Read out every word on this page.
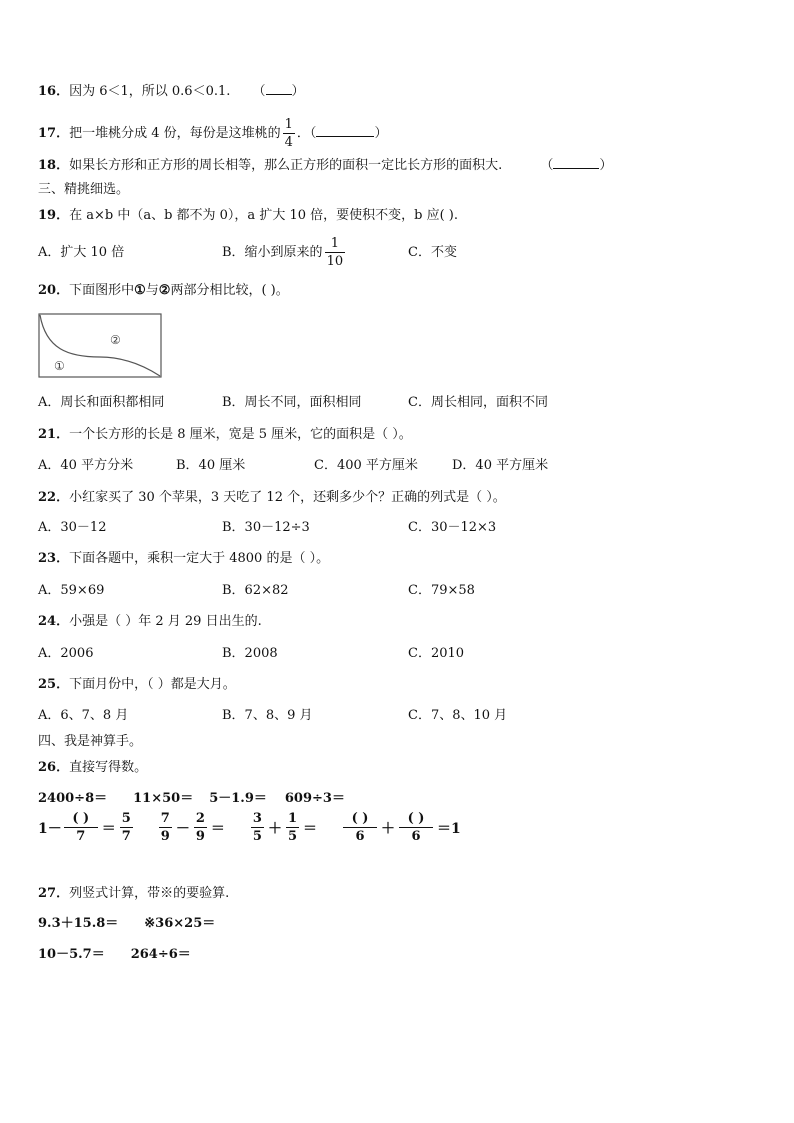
16．因为 6＜1，所以 0.6＜0.1. （ ）
17．把一堆桃分成 4 份，每份是这堆桃的 $\frac{1}{4}$ ．（	）
18．如果长方形和正方形的周长相等，那么正方形的面积一定比长方形的面积大.	（	）
三、精挑细选。
19．在 a×b 中（a、b 都不为 0），a 扩大 10 倍，要使积不变，b 应( ).
A．扩大 10 倍	B．缩小到原来的 $\frac{1}{10}$	C．不变
20．下面图形中①与②两部分相比较，( )。
①
②
A．周长和面积都相同	B．周长不同，面积相同	C．周长相同，面积不同
21．一个长方形的长是 8 厘米，宽是 5 厘米，它的面积是（ ）。
A．40 平方分米	B．40 厘米	C．400 平方厘米	D．40 平方厘米
22．小红家买了 30 个苹果，3 天吃了 12 个，还剩多少个？正确的列式是（ ）。
A．30－12	B．30－12÷3	C．30－12×3
23．下面各题中，乘积一定大于 4800 的是（ ）。
A．59×69	B．62×82	C．79×58
24．小强是（ ）年 2 月 29 日出生的.
A．2006	B．2008	C．2010
25．下面月份中，（ ）都是大月。
A．6、7、8 月	B．7、8、9 月	C．7、8、10 月
四、我是神算手。
26．直接写得数。
2400÷8＝ 11×50＝ 5－1.9＝ 609÷3＝
$1- \frac{( )}{7} = \frac{5}{7} \frac{7}{9} - \frac{2}{9} = \frac{3}{5} + \frac{1}{5} = \frac{( )}{6} + \frac{( )}{6} =1$
27．列竖式计算，带※的要验算.
9.3＋15.8＝ ※36×25＝
10－5.7＝ 264÷6＝
